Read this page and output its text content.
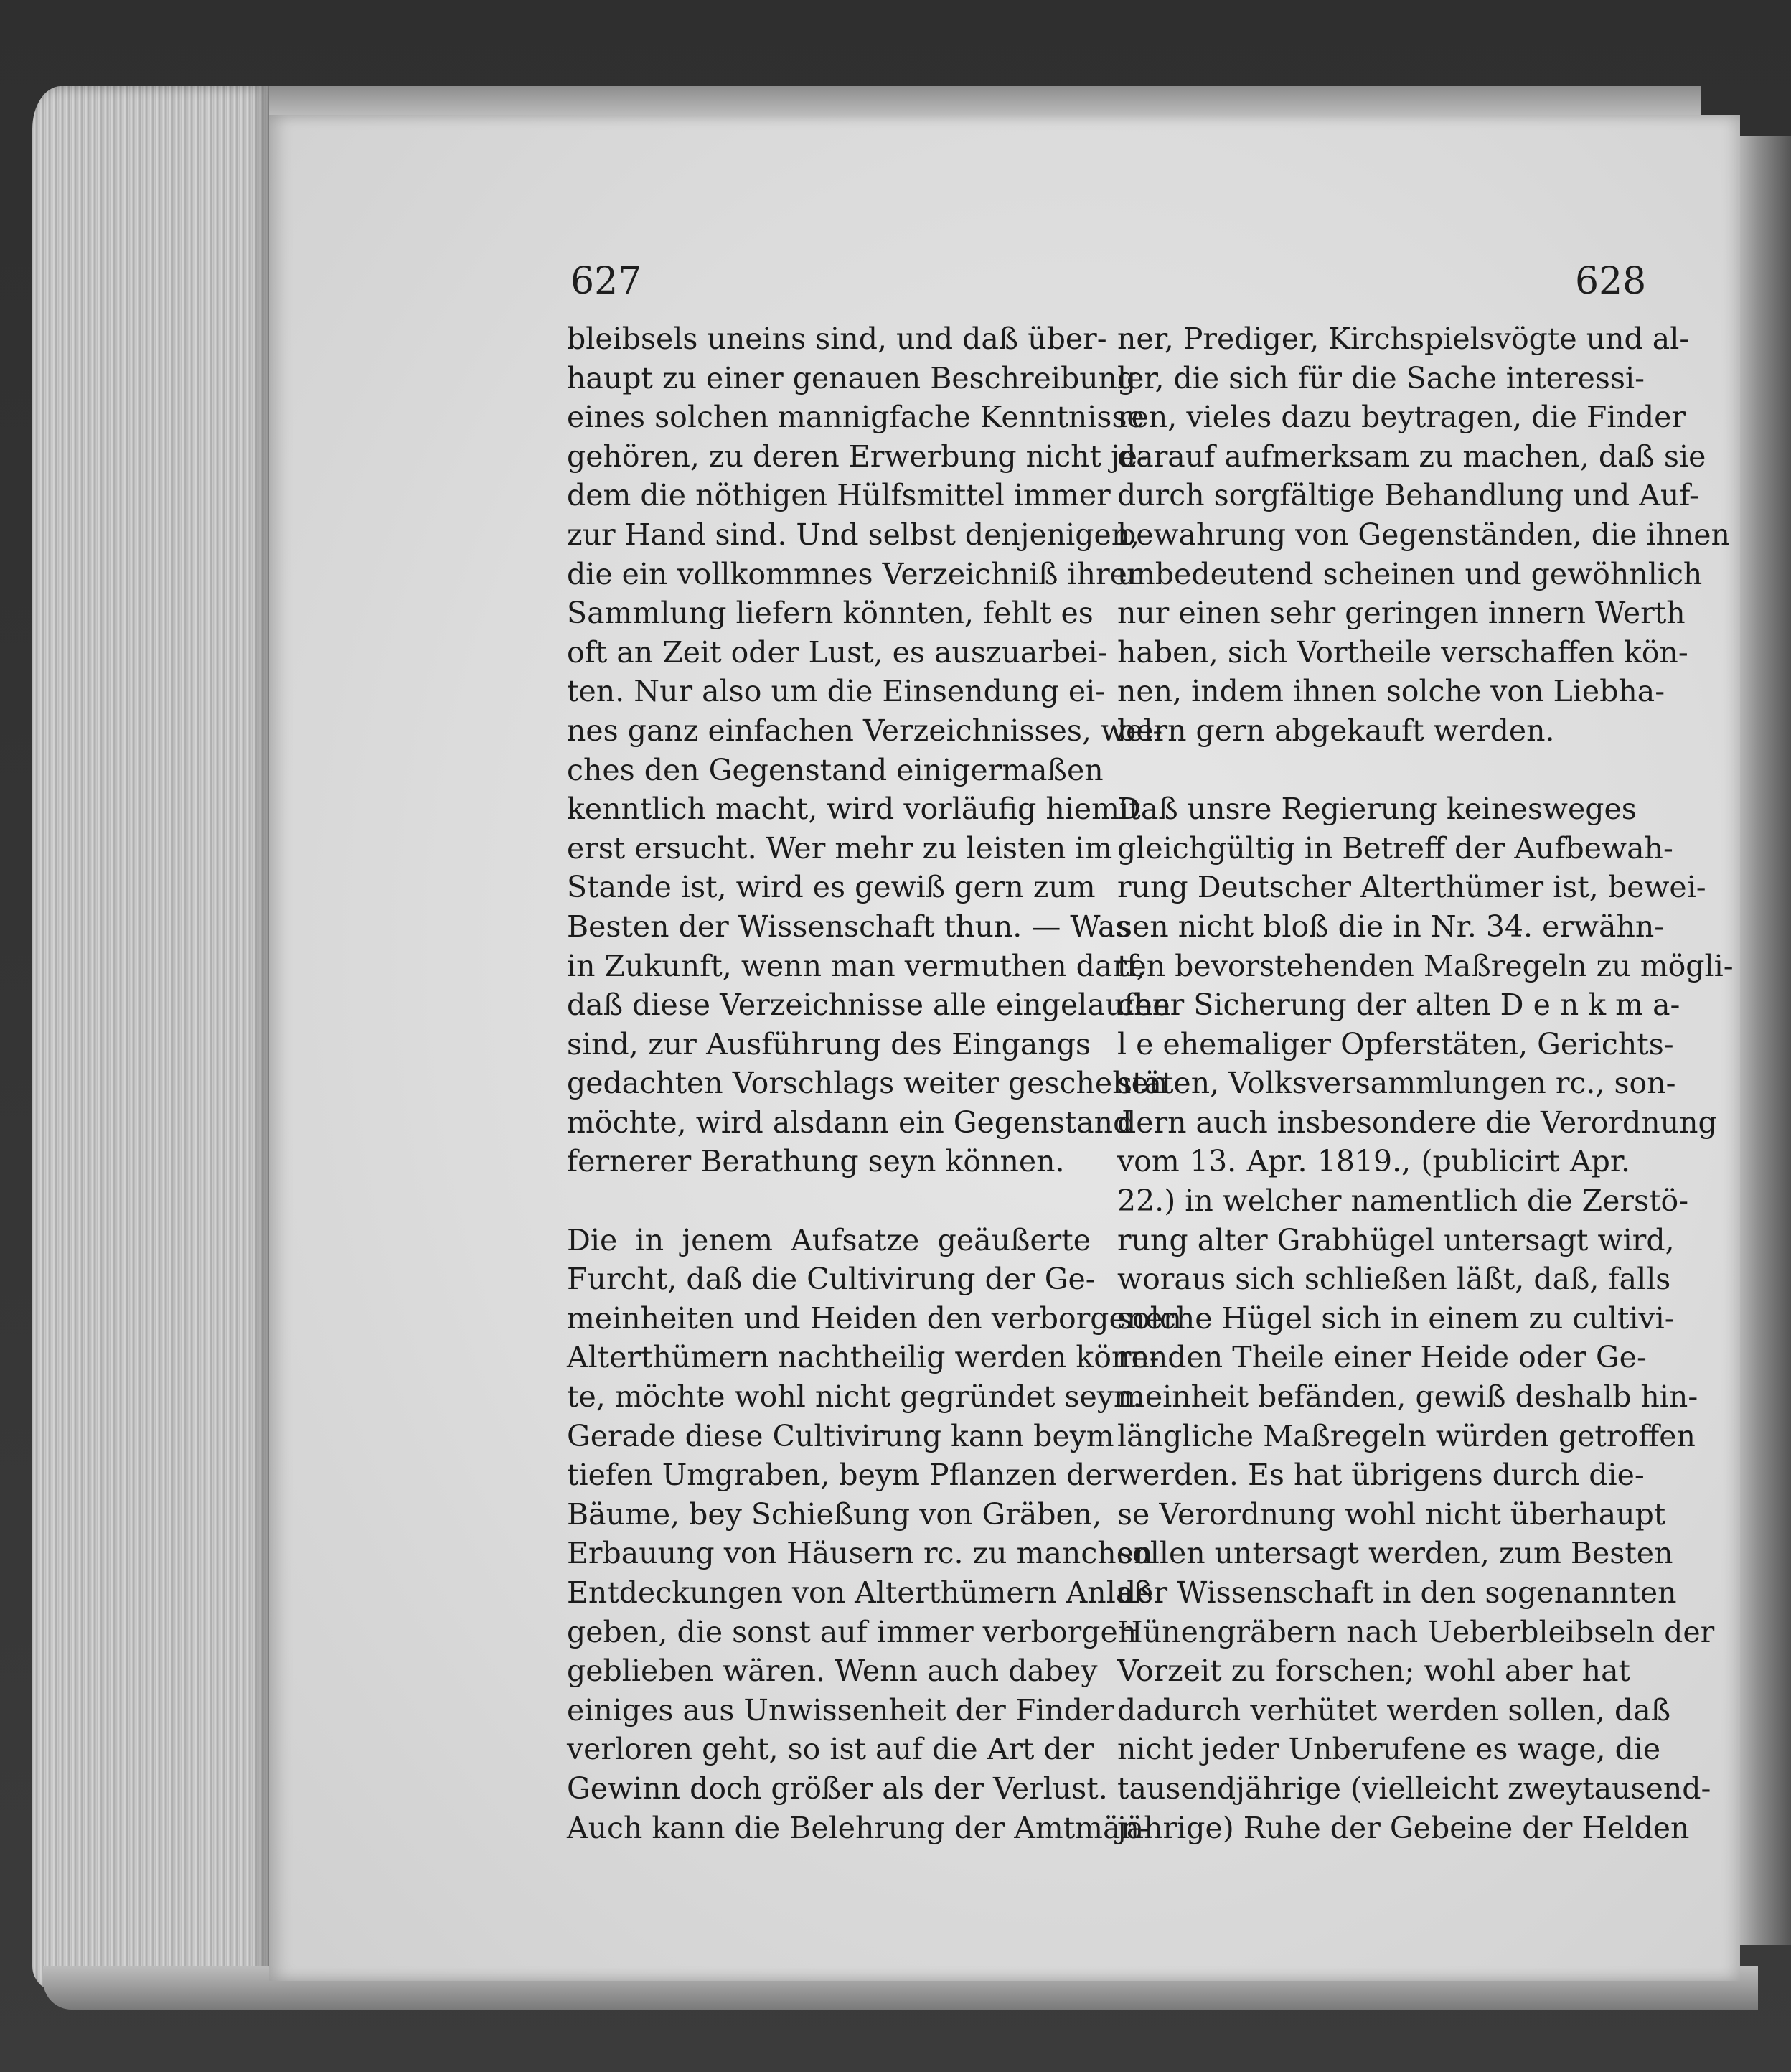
627	628
bleibsels uneins sind, und daß über-
haupt zu einer genauen Beschreibung
eines solchen mannigfache Kenntnisse
gehören, zu deren Erwerbung nicht je-
dem die nöthigen Hülfsmittel immer
zur Hand sind. Und selbst denjenigen,
die ein vollkommnes Verzeichniß ihrer
Sammlung liefern könnten, fehlt es
oft an Zeit oder Lust, es auszuarbei-
ten. Nur also um die Einsendung ei-
nes ganz einfachen Verzeichnisses, wel-
ches den Gegenstand einigermaßen
kenntlich macht, wird vorläufig hiemit
erst ersucht. Wer mehr zu leisten im
Stande ist, wird es gewiß gern zum
Besten der Wissenschaft thun. — Was
in Zukunft, wenn man vermuthen darf,
daß diese Verzeichnisse alle eingelaufen
sind, zur Ausführung des Eingangs
gedachten Vorschlags weiter geschehen
möchte, wird alsdann ein Gegenstand
fernerer Berathung seyn können.
Die in jenem Aufsatze geäußerte
Furcht, daß die Cultivirung der Ge-
meinheiten und Heiden den verborgenen
Alterthümern nachtheilig werden könn-
te, möchte wohl nicht gegründet seyn.
Gerade diese Cultivirung kann beym
tiefen Umgraben, beym Pflanzen der
Bäume, bey Schießung von Gräben,
Erbauung von Häusern rc. zu manchen
Entdeckungen von Alterthümern Anlaß
geben, die sonst auf immer verborgen
geblieben wären. Wenn auch dabey
einiges aus Unwissenheit der Finder
verloren geht, so ist auf die Art der
Gewinn doch größer als der Verlust.
Auch kann die Belehrung der Amtmän-
ner, Prediger, Kirchspielsvögte und al-
ler, die sich für die Sache interessi-
ren, vieles dazu beytragen, die Finder
darauf aufmerksam zu machen, daß sie
durch sorgfältige Behandlung und Auf-
bewahrung von Gegenständen, die ihnen
unbedeutend scheinen und gewöhnlich
nur einen sehr geringen innern Werth
haben, sich Vortheile verschaffen kön-
nen, indem ihnen solche von Liebha-
bern gern abgekauft werden.
Daß unsre Regierung keinesweges
gleichgültig in Betreff der Aufbewah-
rung Deutscher Alterthümer ist, bewei-
sen nicht bloß die in Nr. 34. erwähn-
ten bevorstehenden Maßregeln zu mögli-
cher Sicherung der alten D e n k m a-
l e ehemaliger Opferstäten, Gerichts-
stäten, Volksversammlungen rc., son-
dern auch insbesondere die Verordnung
vom 13. Apr. 1819., (publicirt Apr.
22.) in welcher namentlich die Zerstö-
rung alter Grabhügel untersagt wird,
woraus sich schließen läßt, daß, falls
solche Hügel sich in einem zu cultivi-
renden Theile einer Heide oder Ge-
meinheit befänden, gewiß deshalb hin-
längliche Maßregeln würden getroffen
werden. Es hat übrigens durch die-
se Verordnung wohl nicht überhaupt
sollen untersagt werden, zum Besten
der Wissenschaft in den sogenannten
Hünengräbern nach Ueberbleibseln der
Vorzeit zu forschen; wohl aber hat
dadurch verhütet werden sollen, daß
nicht jeder Unberufene es wage, die
tausendjährige (vielleicht zweytausend-
jährige) Ruhe der Gebeine der Helden
